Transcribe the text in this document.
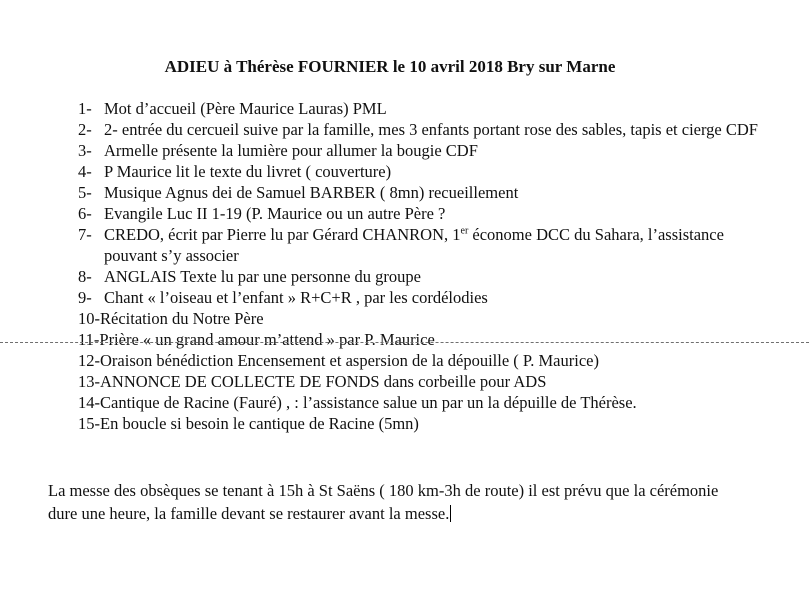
ADIEU à Thérèse FOURNIER le 10 avril 2018 Bry sur Marne
1- Mot d’accueil (Père Maurice Lauras) PML
2- 2- entrée du cercueil suive par la famille, mes 3 enfants portant rose des sables, tapis et cierge CDF
3- Armelle présente la lumière pour allumer la bougie CDF
4- P Maurice lit le texte du livret ( couverture)
5- Musique Agnus dei de Samuel BARBER ( 8mn) recueillement
6- Evangile Luc II 1-19 (P. Maurice ou un autre Père ?
7- CREDO, écrit par Pierre lu par Gérard CHANRON, 1er économe DCC du Sahara, l’assistance pouvant s’y associer
8- ANGLAIS Texte lu par une personne du groupe
9- Chant « l’oiseau et l’enfant » R+C+R , par les cordélodies
10- Récitation du Notre Père
11- Prière « un grand amour m’attend » par P. Maurice
12- Oraison bénédiction Encensement et aspersion de la dépouille ( P. Maurice)
13- ANNONCE DE COLLECTE DE FONDS dans corbeille pour ADS
14- Cantique de Racine (Fauré) , : l’assistance salue un par un la dépuille de Thérèse.
15- En boucle si besoin le cantique de Racine (5mn)

La messe des obsèques se tenant à 15h à St Saëns ( 180 km-3h de route) il est prévu que la cérémonie dure une heure, la famille devant se restaurer avant la messe.
